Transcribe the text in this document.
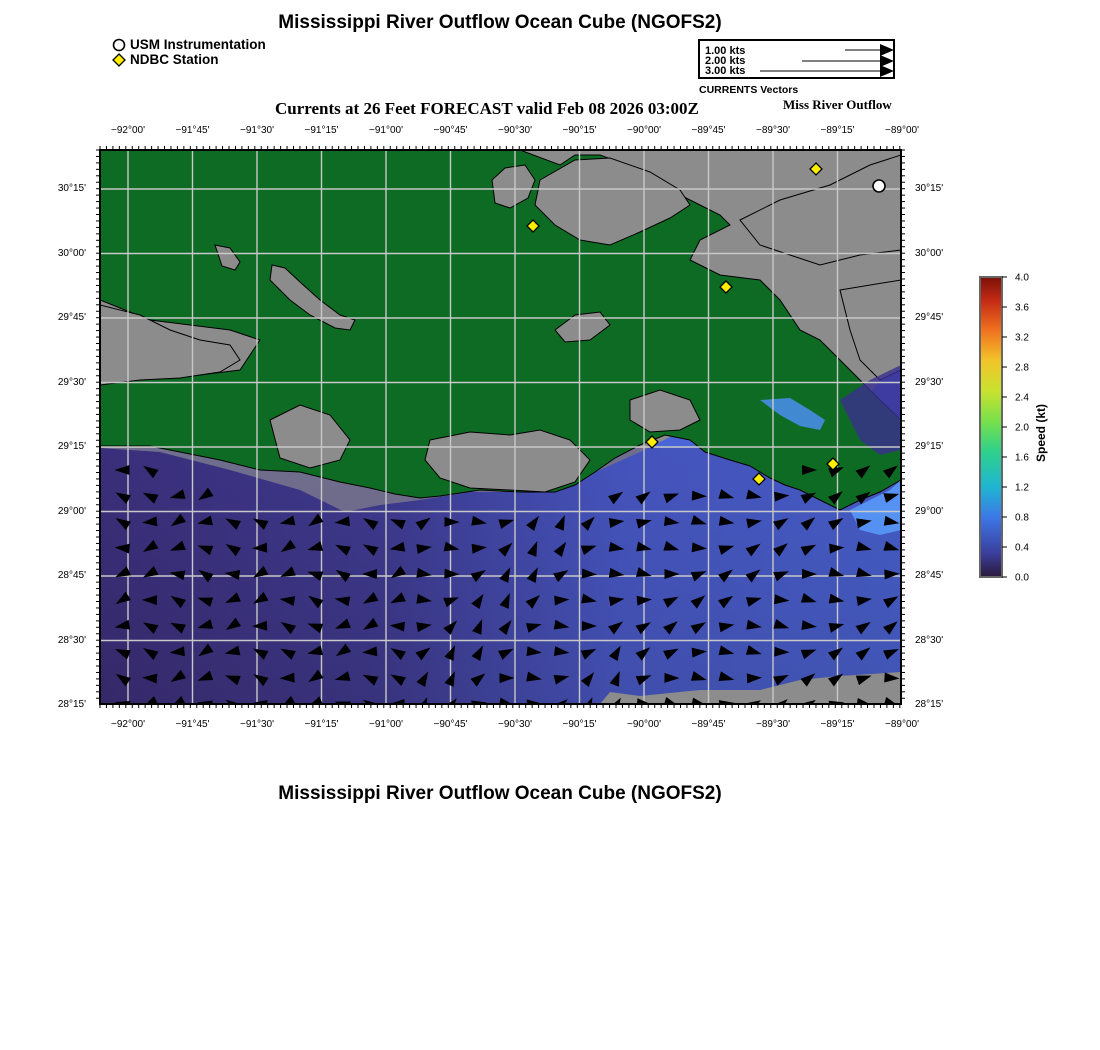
Mississippi River Outflow Ocean Cube (NGOFS2)
USM Instrumentation
NDBC Station
1.00 kts
2.00 kts
3.00 kts
CURRENTS Vectors
Currents at 26 Feet FORECAST valid Feb 08 2026 03:00Z	Miss River Outflow
−92°00'	−91°45'	−91°30'	−91°15'	−91°00'	−90°45'	−90°30'	−90°15'	−90°00'	−89°45'	−89°30'	−89°15'	−89°00'
−92°00'	−91°45'	−91°30'	−91°15'	−91°00'	−90°45'	−90°30'	−90°15'	−90°00'	−89°45'	−89°30'	−89°15'	−89°00'
30°15'
30°00'
29°45'
29°30'
29°15'
29°00'
28°45'
28°30'
28°15'
30°15'
30°00'
29°45'
29°30'
29°15'
29°00'
28°45'
28°30'
28°15'
4.0
3.6
3.2
2.8
2.4
2.0
1.6
1.2
0.8
0.4
0.0
Speed (kt)
Mississippi River Outflow Ocean Cube (NGOFS2)
